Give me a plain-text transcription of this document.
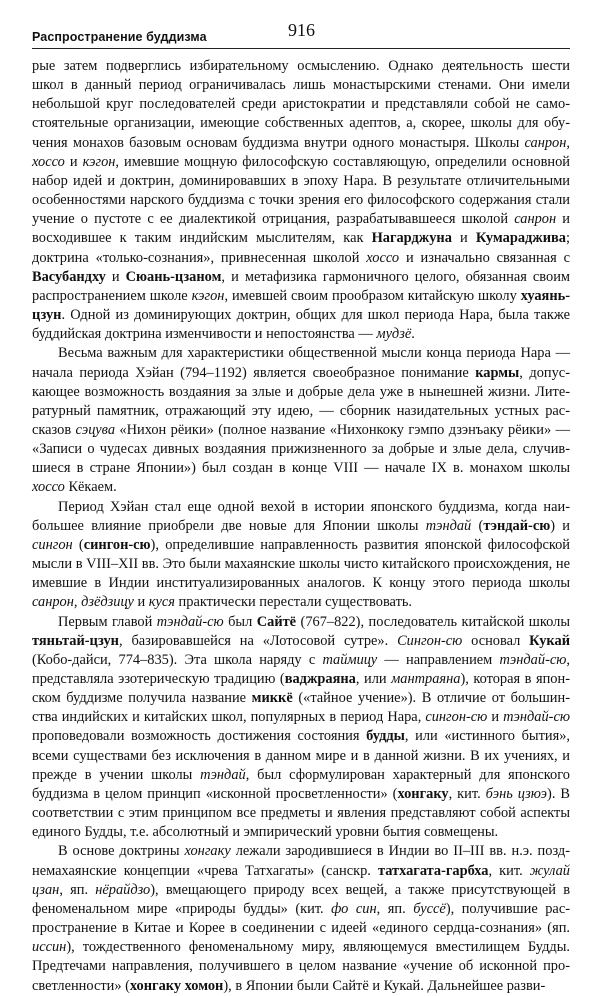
Распространение буддизма	916

рые затем подверглись избирательному осмыслению. Однако деятельность шести школ в данный период ограничивалась лишь монастырскими стенами. Они имели небольшой круг последователей среди аристократии и представляли собой не самостоятельные организации, имеющие собственных адептов, а, скорее, школы для обучения монахов базовым основам буддизма внутри одного монастыря. Школы санрон, хоссо и кэгон, имевшие мощную философскую составляющую, определили основной набор идей и доктрин, доминировавших в эпоху Нара. В результате отличительными особенностями нарского буддизма с точки зрения его философского содержания стали учение о пустоте с ее диалектикой отрицания, разрабатывавшееся школой санрон и восходившее к таким индийским мыслителям, как Нагарджуна и Кумараджива; доктрина «только-сознания», привнесенная школой хоссо и изначально связанная с Васубандху и Сюань-цзаном, и метафизика гармоничного целого, обязанная своим распространением школе кэгон, имевшей своим прообразом китайскую школу хуаянь-цзун. Одной из доминирующих доктрин, общих для школ периода Нара, была также буддийская доктрина изменчивости и непостоянства — мудзё.

Весьма важным для характеристики общественной мысли конца периода Нара — начала периода Хэйан (794–1192) является своеобразное понимание кармы, допускающее возможность воздаяния за злые и добрые дела уже в нынешней жизни. Литературный памятник, отражающий эту идею, — сборник назидательных устных рассказов сэцува «Нихон рёики» (полное название «Нихонкоку гэмпо дзэнъаку рёики» — «Записи о чудесах дивных воздаяния прижизненного за добрые и злые дела, случившиеся в стране Японии») был создан в конце VIII — начале IX в. монахом школы хоссо Кёкаем.

Период Хэйан стал еще одной вехой в истории японского буддизма, когда наибольшее влияние приобрели две новые для Японии школы тэндай (тэндай-сю) и сингон (сингон-сю), определившие направленность развития японской философской мысли в VIII–XII вв. Это были махаянские школы чисто китайского происхождения, не имевшие в Индии институализированных аналогов. К концу этого периода школы санрон, дзёдзицу и куся практически перестали существовать.

Первым главой тэндай-сю был Сайтё (767–822), последователь китайской школы тяньтай-цзун, базировавшейся на «Лотосовой сутре». Сингон-сю основал Кукай (Кобо-дайси, 774–835). Эта школа наряду с таймицу — направлением тэндай-сю, представляла эзотерическую традицию (ваджраяна, или мантраяна), которая в японском буддизме получила название миккё («тайное учение»). В отличие от большинства индийских и китайских школ, популярных в период Нара, сингон-сю и тэндай-сю проповедовали возможность достижения состояния будды, или «истинного бытия», всеми существами без исключения в данном мире и в данной жизни. В их учениях, и прежде в учении школы тэндай, был сформулирован характерный для японского буддизма в целом принцип «исконной просветленности» (хонгаку, кит. бэнь цзюэ). В соответствии с этим принципом все предметы и явления представляют собой аспекты единого Будды, т.е. абсолютный и эмпирический уровни бытия совмещены.

В основе доктрины хонгаку лежали зародившиеся в Индии во II–III вв. н.э. позднемахаянские концепции «чрева Татхагаты» (санскр. татхагата-гарбха, кит. жулай цзан, яп. нёрайдзо), вмещающего природу всех вещей, а также присутствующей в феноменальном мире «природы будды» (кит. фо син, яп. буссё), получившие распространение в Китае и Корее в соединении с идеей «единого сердца-сознания» (яп. иссин), тождественного феноменальному миру, являющемуся вместилищем Будды. Предтечами направления, получившего в целом название «учение об исконной просветленности» (хонгаку хомон), в Японии были Сайтё и Кукай. Дальнейшее разви-
